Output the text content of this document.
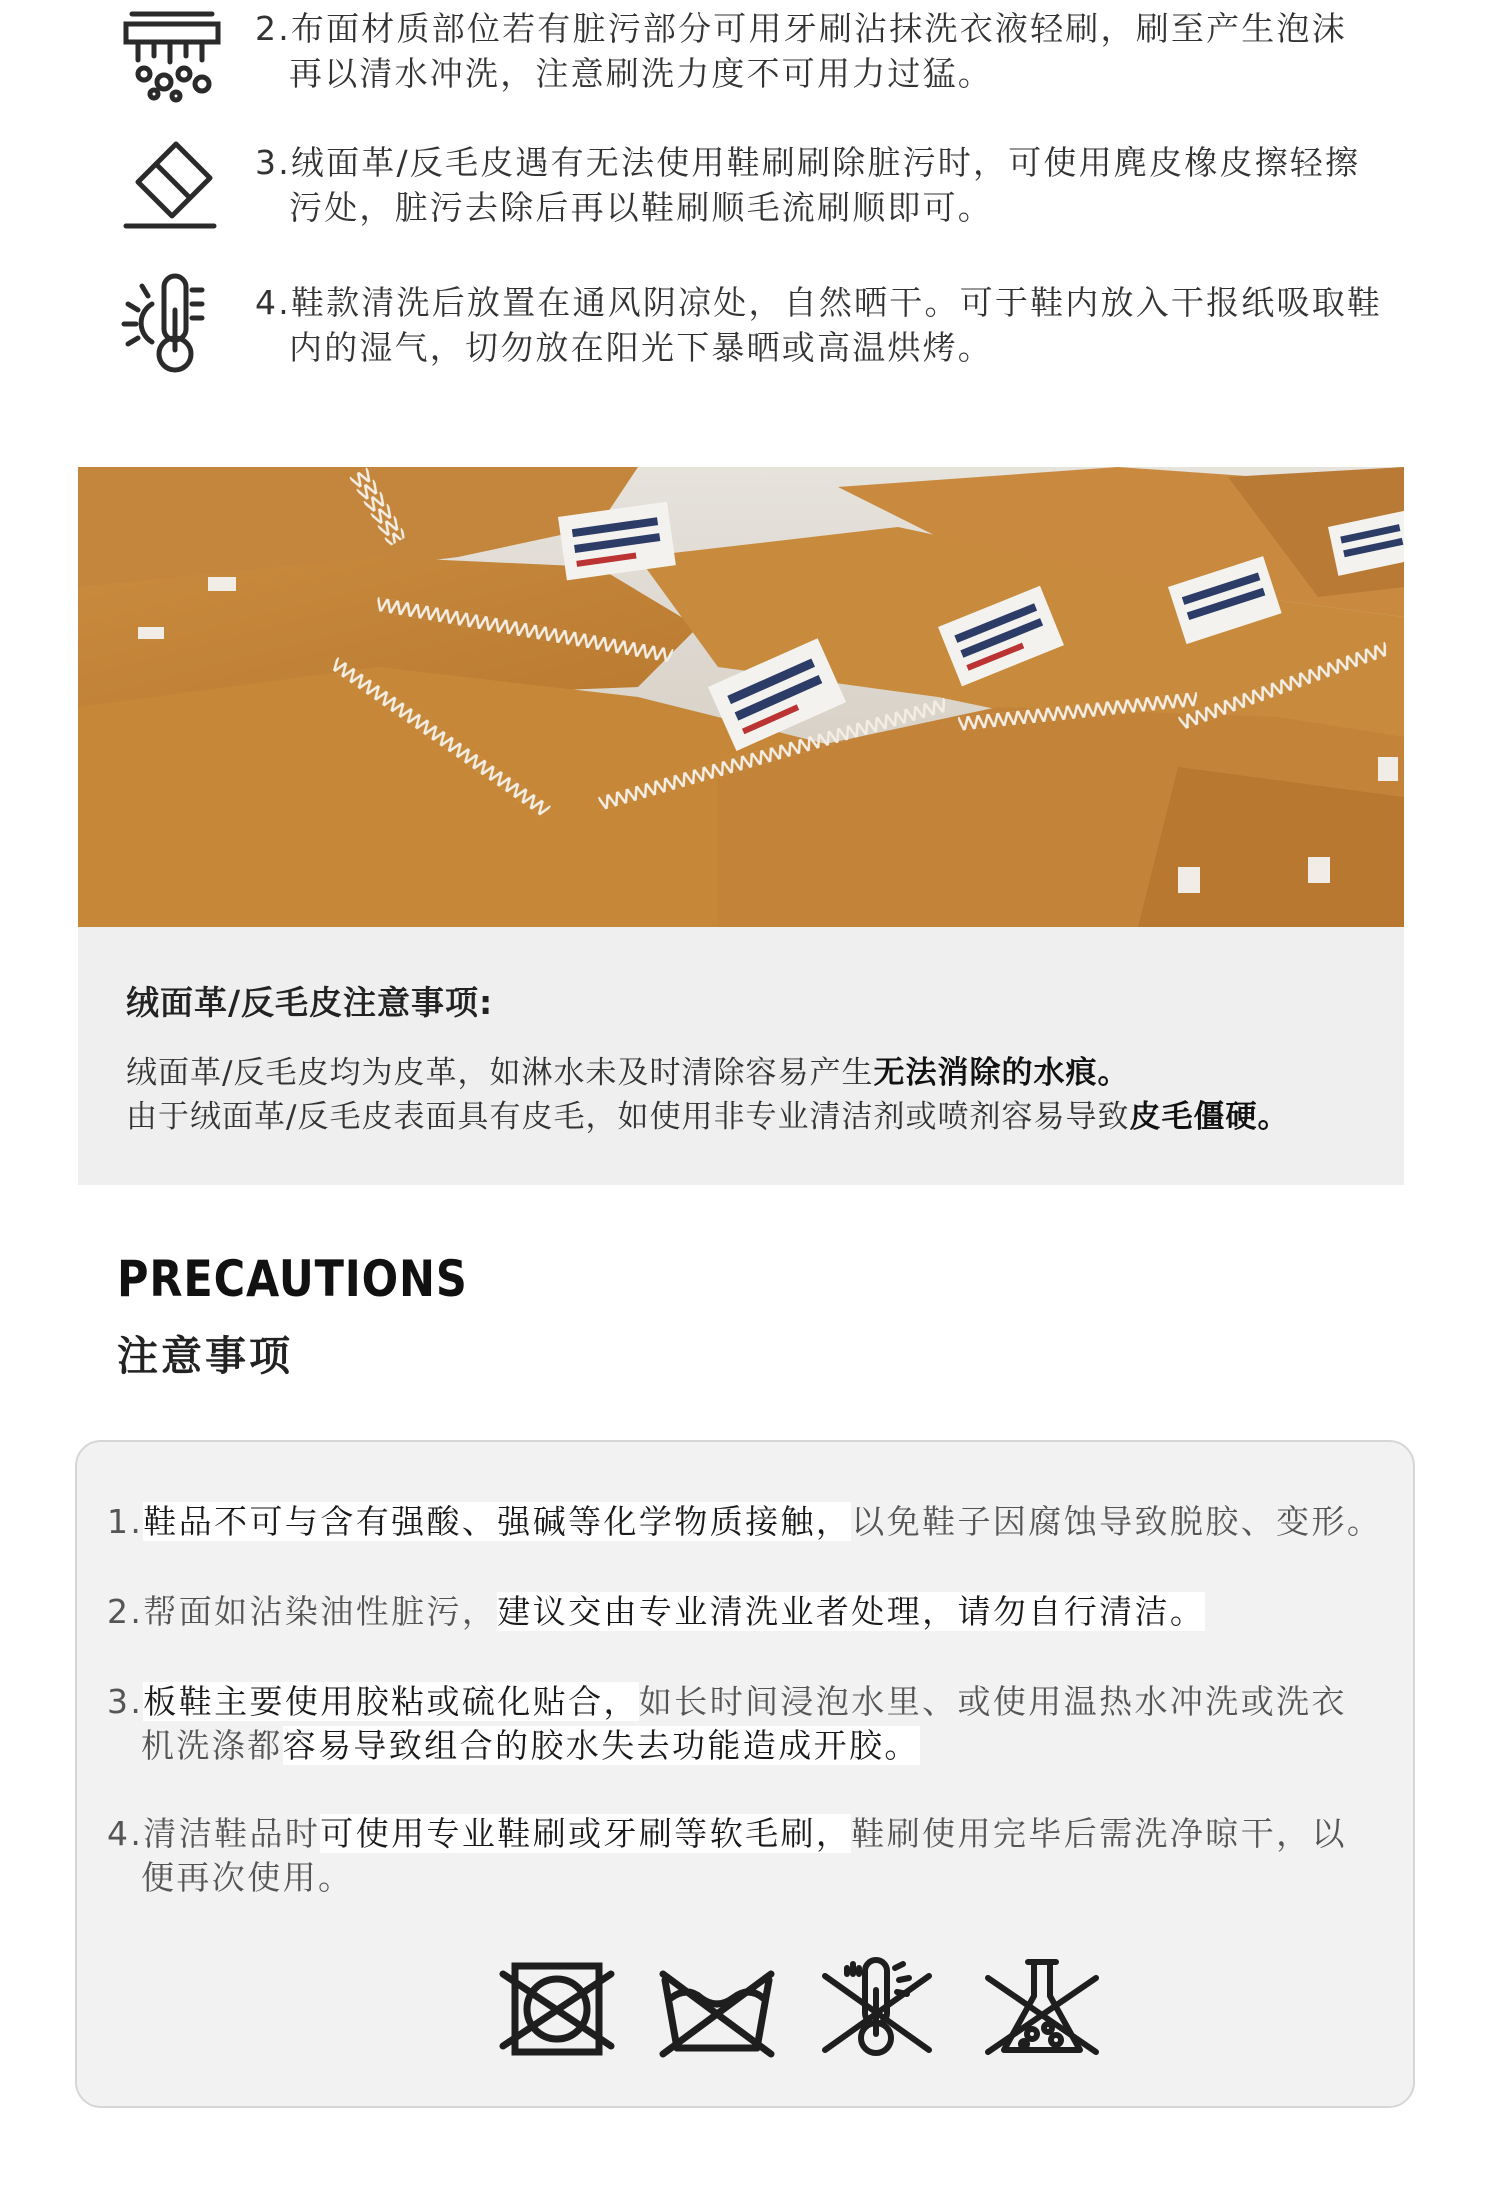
2.布面材质部位若有脏污部分可用牙刷沾抹洗衣液轻刷，刷至产生泡沫
再以清水冲洗，注意刷洗力度不可用力过猛。
3.绒面革/反毛皮遇有无法使用鞋刷刷除脏污时，可使用麂皮橡皮擦轻擦
污处，脏污去除后再以鞋刷顺毛流刷顺即可。
4.鞋款清洗后放置在通风阴凉处，自然晒干。可于鞋内放入干报纸吸取鞋
内的湿气，切勿放在阳光下暴晒或高温烘烤。
绒面革/反毛皮注意事项:
绒面革/反毛皮均为皮革，如淋水未及时清除容易产生无法消除的水痕。
由于绒面革/反毛皮表面具有皮毛，如使用非专业清洁剂或喷剂容易导致皮毛僵硬。
PRECAUTIONS
注意事项
1.鞋品不可与含有强酸、强碱等化学物质接触，以免鞋子因腐蚀导致脱胶、变形。
2.帮面如沾染油性脏污，建议交由专业清洗业者处理，请勿自行清洁。
3.板鞋主要使用胶粘或硫化贴合，如长时间浸泡水里、或使用温热水冲洗或洗衣
机洗涤都容易导致组合的胶水失去功能造成开胶。
4.清洁鞋品时可使用专业鞋刷或牙刷等软毛刷，鞋刷使用完毕后需洗净晾干，以
便再次使用。
